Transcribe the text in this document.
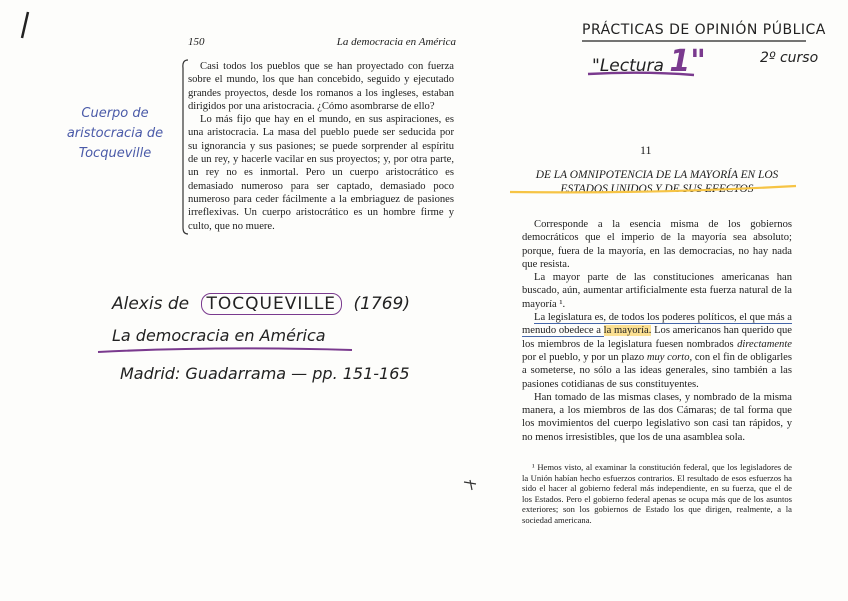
150	La democracia en América

Casi todos los pueblos que se han proyectado con fuerza sobre el mundo, los que han concebido, seguido y ejecutado grandes proyectos, desde los romanos a los ingleses, estaban dirigidos por una aristocracia. ¿Cómo asombrarse de ello?

Lo más fijo que hay en el mundo, en sus aspiraciones, es una aristocracia. La masa del pueblo puede ser seducida por su ignorancia y sus pasiones; se puede sorprender al espíritu de un rey, y hacerle vacilar en sus proyectos; y, por otra parte, un rey no es inmortal. Pero un cuerpo aristocrático es demasiado numeroso para ser captado, demasiado poco numeroso para ceder fácilmente a la embriaguez de pasiones irreflexivas. Un cuerpo aristocrático es un hombre firme y culto, que no muere.

Cuerpo de
aristocracia de
Tocqueville
Alexis de TOCQUEVILLE (1769)
La democracia en América
Madrid: Guadarrama — pp. 151-165
PRÁCTICAS DE OPINIÓN PÚBLICA
"Lectura 1"	2º curso
11
DE LA OMNIPOTENCIA DE LA MAYORÍA EN LOS ESTADOS UNIDOS Y DE SUS EFECTOS

Corresponde a la esencia misma de los gobiernos democráticos que el imperio de la mayoría sea absoluto; porque, fuera de la mayoría, en las democracias, no hay nada que resista.

La mayor parte de las constituciones americanas han buscado, aún, aumentar artificialmente esta fuerza natural de la mayoría ¹.

La legislatura es, de todos los poderes políticos, el que más a menudo obedece a la mayoría. Los americanos han querido que los miembros de la legislatura fuesen nombrados directamente por el pueblo, y por un plazo muy corto, con el fin de obligarles a someterse, no sólo a las ideas generales, sino también a las pasiones cotidianas de sus constituyentes.

Han tomado de las mismas clases, y nombrado de la misma manera, a los miembros de las dos Cámaras; de tal forma que los movimientos del cuerpo legislativo son casi tan rápidos, y no menos irresistibles, que los de una asamblea sola.

¹ Hemos visto, al examinar la constitución federal, que los legisladores de la Unión habían hecho esfuerzos contrarios. El resultado de esos esfuerzos ha sido el hacer al gobierno federal más independiente, en su fuerza, que el de los Estados. Pero el gobierno federal apenas se ocupa más que de los asuntos exteriores; son los gobiernos de Estado los que dirigen, realmente, a la sociedad americana.
